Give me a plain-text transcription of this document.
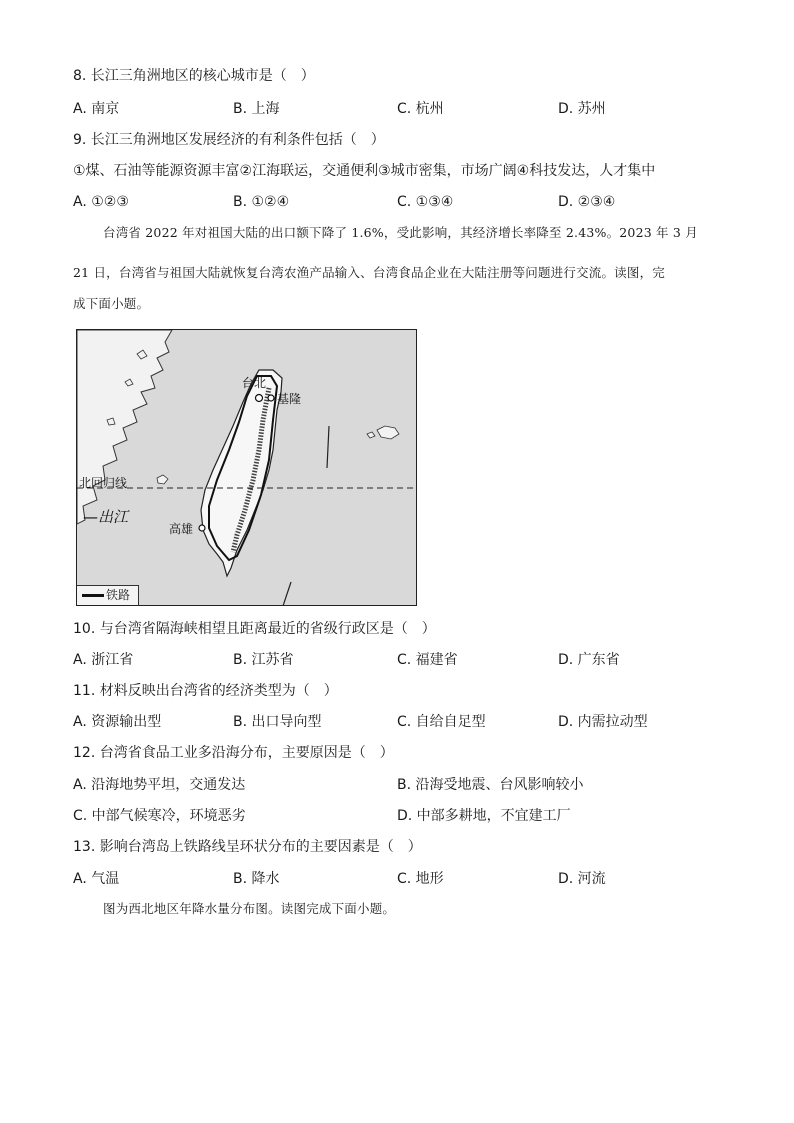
8. 长江三角洲地区的核心城市是（　）
A. 南京	B. 上海	C. 杭州	D. 苏州
9. 长江三角洲地区发展经济的有利条件包括（　）
①煤、石油等能源资源丰富②江海联运，交通便利③城市密集，市场广阔④科技发达，人才集中
A. ①②③	B. ①②④	C. ①③④	D. ②③④
台湾省 2022 年对祖国大陆的出口额下降了 1.6%，受此影响，其经济增长率降至 2.43%。2023 年 3 月
21 日，台湾省与祖国大陆就恢复台湾农渔产品输入、台湾食品企业在大陆注册等问题进行交流。读图，完
成下面小题。
台北
基隆
高雄
北回归线
—出江
铁路
10. 与台湾省隔海峡相望且距离最近的省级行政区是（　）
A. 浙江省	B. 江苏省	C. 福建省	D. 广东省
11. 材料反映出台湾省的经济类型为（　）
A. 资源输出型	B. 出口导向型	C. 自给自足型	D. 内需拉动型
12. 台湾省食品工业多沿海分布，主要原因是（　）
A. 沿海地势平坦，交通发达	B. 沿海受地震、台风影响较小
C. 中部气候寒冷，环境恶劣	D. 中部多耕地，不宜建工厂
13. 影响台湾岛上铁路线呈环状分布的主要因素是（　）
A. 气温	B. 降水	C. 地形	D. 河流
图为西北地区年降水量分布图。读图完成下面小题。
